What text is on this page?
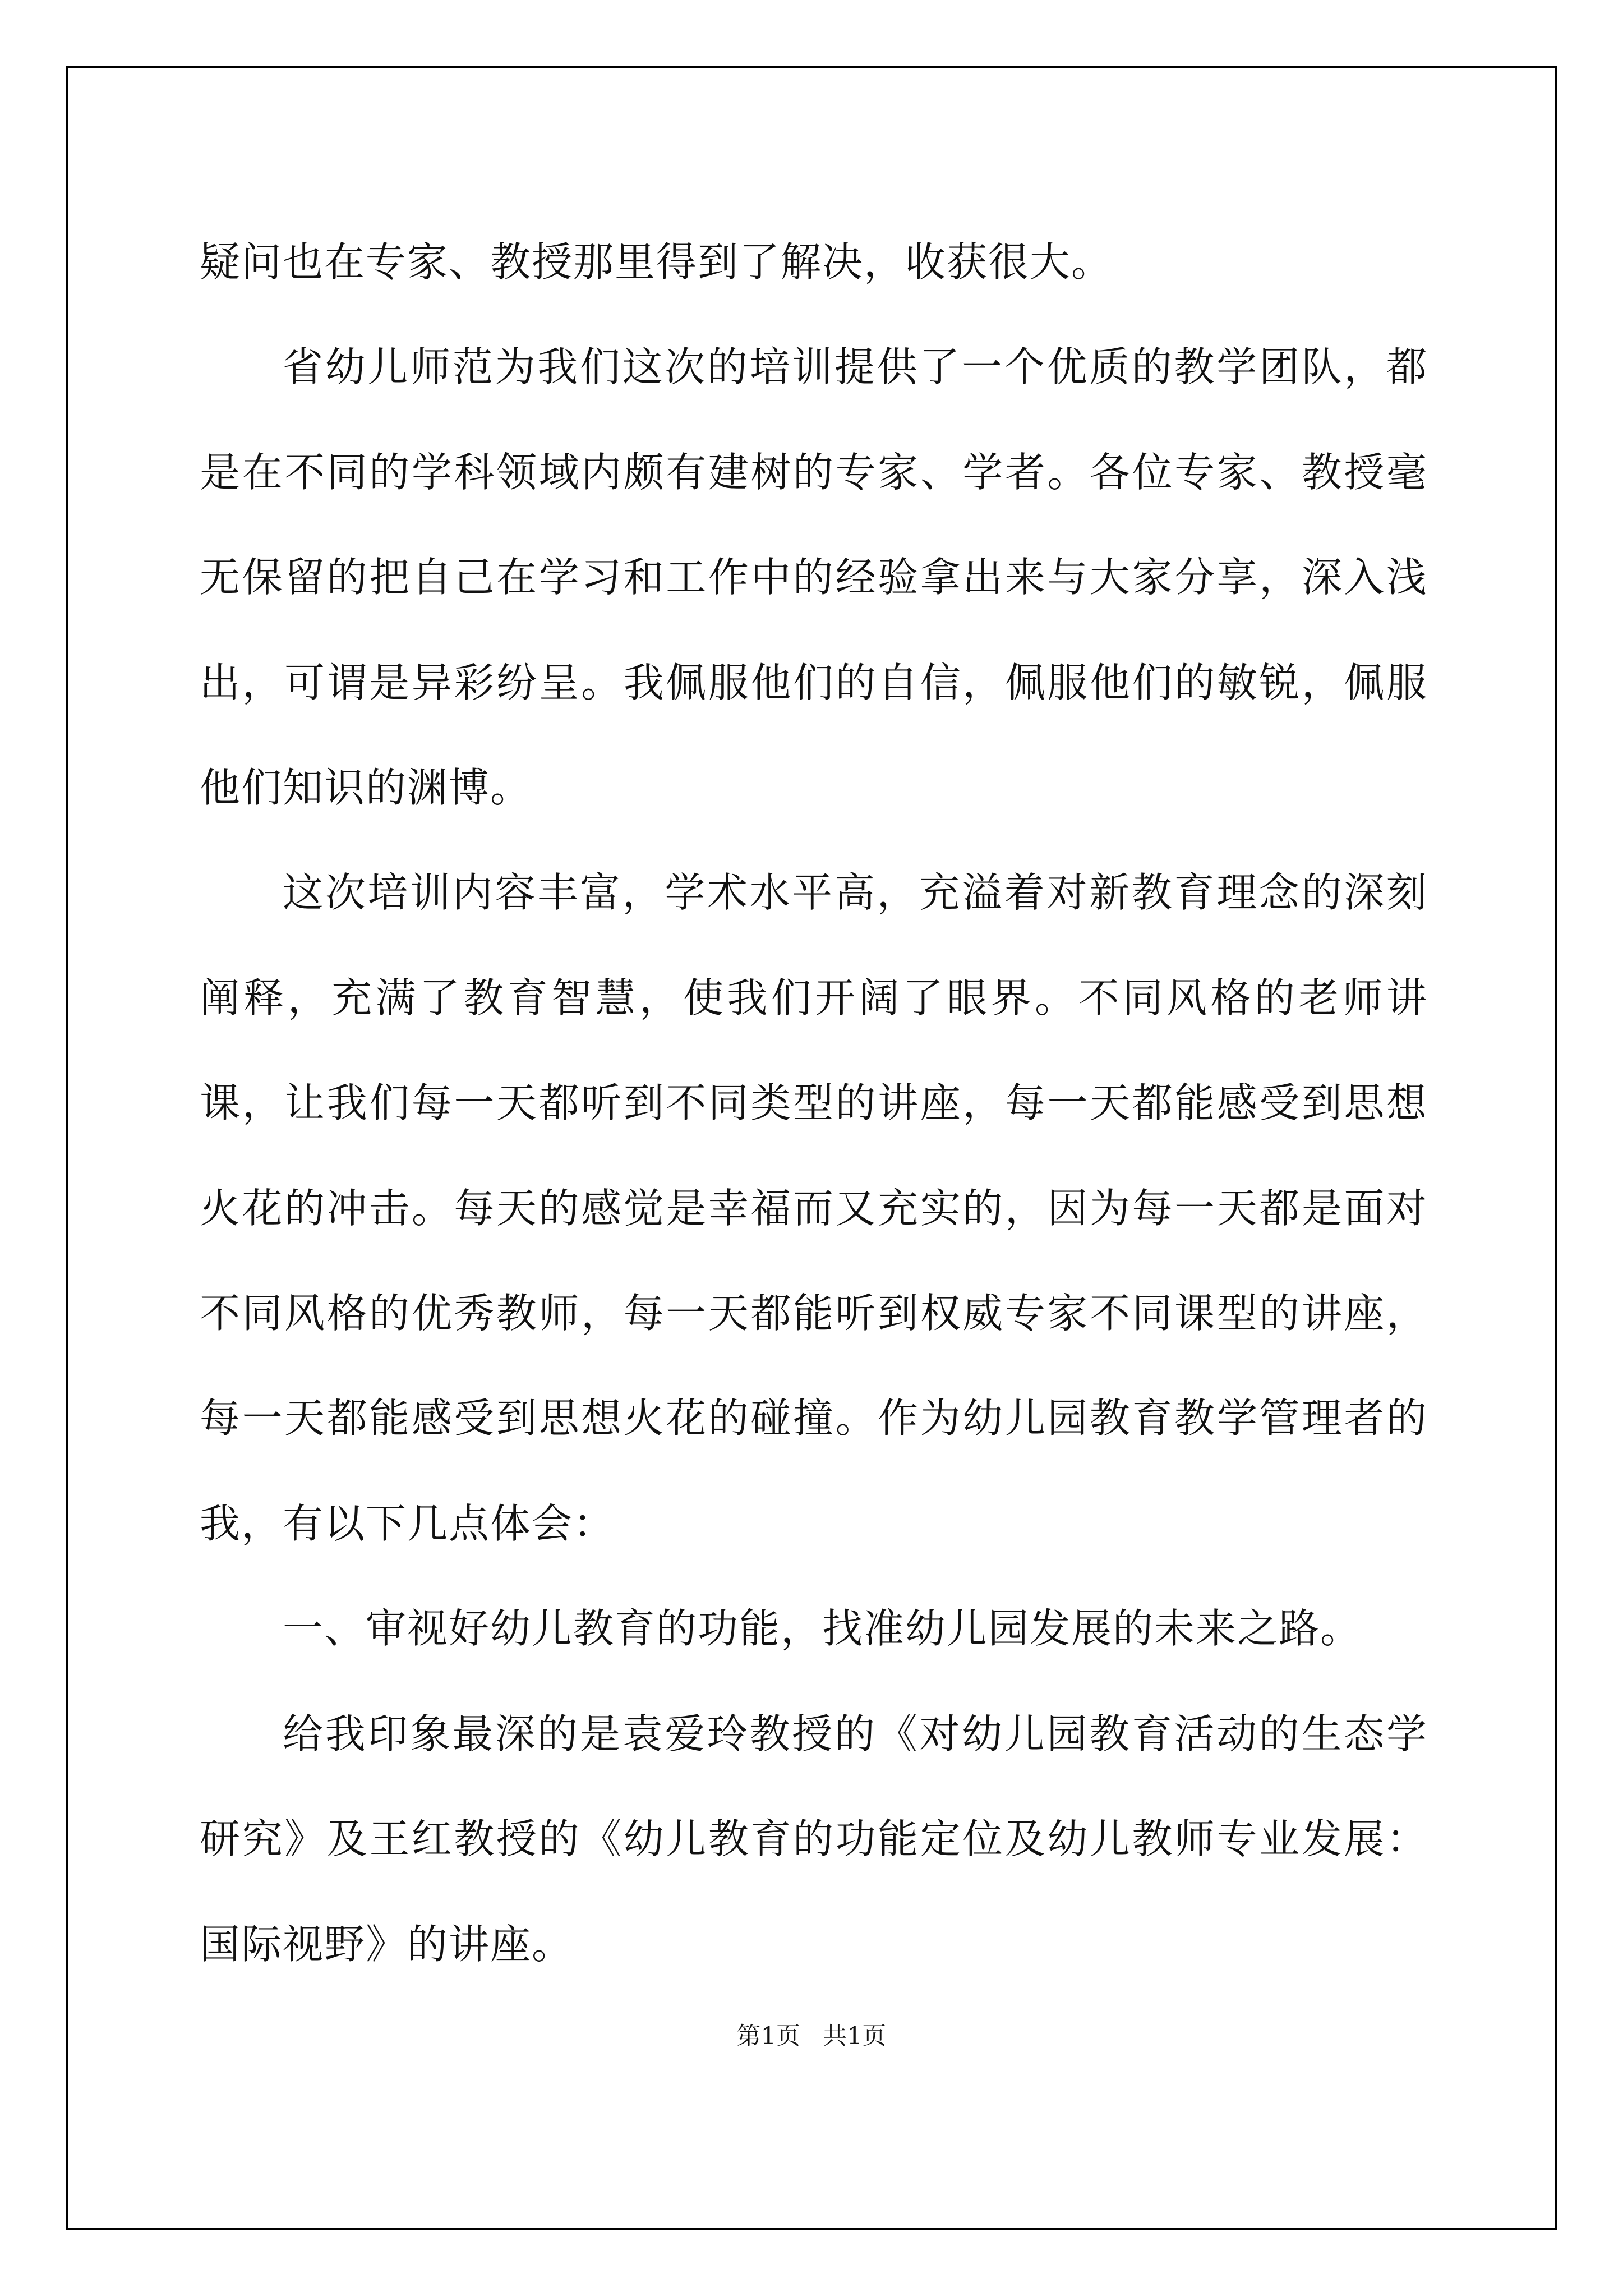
疑问也在专家、教授那里得到了解决，收获很大。

省幼儿师范为我们这次的培训提供了一个优质的教学团队，都是在不同的学科领域内颇有建树的专家、学者。各位专家、教授毫无保留的把自己在学习和工作中的经验拿出来与大家分享，深入浅出，可谓是异彩纷呈。我佩服他们的自信，佩服他们的敏锐，佩服他们知识的渊博。

这次培训内容丰富，学术水平高，充溢着对新教育理念的深刻阐释，充满了教育智慧，使我们开阔了眼界。不同风格的老师讲课，让我们每一天都听到不同类型的讲座，每一天都能感受到思想火花的冲击。每天的感觉是幸福而又充实的，因为每一天都是面对不同风格的优秀教师，每一天都能听到权威专家不同课型的讲座，每一天都能感受到思想火花的碰撞。作为幼儿园教育教学管理者的我，有以下几点体会：

一、审视好幼儿教育的功能，找准幼儿园发展的未来之路。

给我印象最深的是袁爱玲教授的《对幼儿园教育活动的生态学研究》及王红教授的《幼儿教育的功能定位及幼儿教师专业发展：国际视野》的讲座。

第1页 共1页
